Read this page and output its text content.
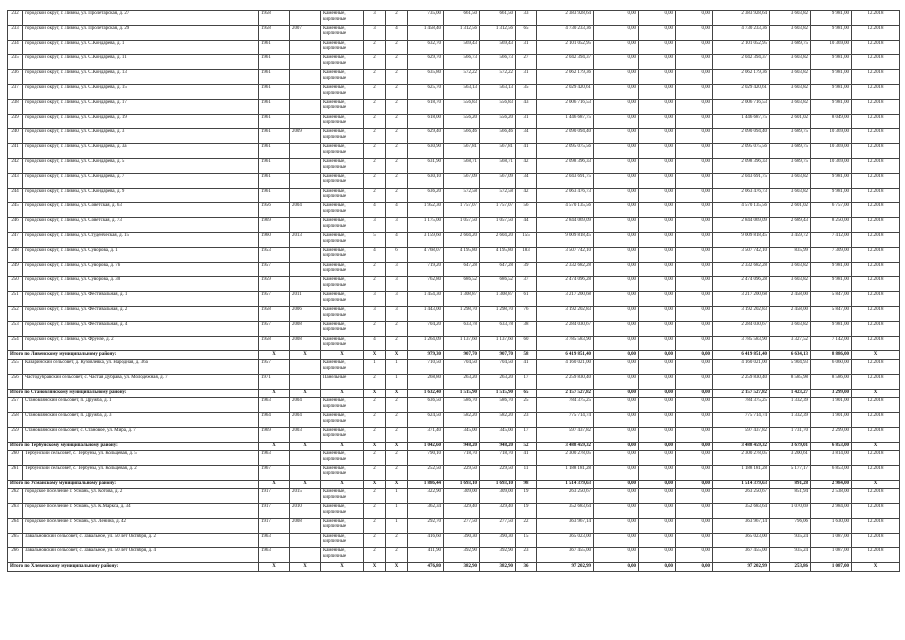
232	городской округ, г. Ливны, ул. Пролетарская, д. 27	1958		Каменные, кирпичные	3	2	735,00	661,50	661,50	33	2 383 928,64	0,00	0,00	0,00	2 383 928,64	3 603,82	9 981,00	12.2018
233	городской округ, г. Ливны, ул. Пролетарская, д. 29	1958	2007	Каменные, кирпичные	3	4	1 458,40	1 312,56	1 312,56	65	4 730 233,36	0,00	0,00	0,00	4 730 233,36	3 603,82	9 981,00	12.2018
234	городской округ, г. Ливны, ул. С.Кондарева, д. 1	1961		Каменные, кирпичные	2	2	632,70	569,43	569,43	31	2 101 052,95	0,00	0,00	0,00	2 101 052,95	3 689,75	10 369,00	12.2018
235	городской округ, г. Ливны, ул. С.Кондарева, д. 11	1961		Каменные, кирпичные	2	2	629,70	566,73	566,73	27	2 042 394,37	0,00	0,00	0,00	2 042 394,37	3 603,82	9 981,00	12.2018
236	городской округ, г. Ливны, ул. С.Кондарева, д. 13	1961		Каменные, кирпичные	2	2	635,80	572,22	572,22	31	2 062 179,36	0,00	0,00	0,00	2 062 179,36	3 603,82	9 981,00	12.2018
237	городской округ, г. Ливны, ул. С.Кондарева, д. 15	1961		Каменные, кирпичные	2	2	625,70	563,13	563,13	35	2 029 420,61	0,00	0,00	0,00	2 029 420,61	3 603,82	9 981,00	12.2018
238	городской округ, г. Ливны, ул. С.Кондарева, д. 17	1961		Каменные, кирпичные	2	2	618,70	556,83	556,83	43	2 006 716,53	0,00	0,00	0,00	2 006 716,53	3 603,82	9 981,00	12.2018
239	городской округ, г. Ливны, ул. С.Кондарева, д. 19	1961		Каменные, кирпичные	2	2	618,00	556,20	556,20	31	1 446 687,75	0,00	0,00	0,00	1 446 687,75	2 601,02	8 049,00	12.2018
240	городской округ, г. Ливны, ул. С.Кондарева, д. 3	1961	2009	Каменные, кирпичные	2	2	629,40	566,46	566,46	34	2 090 094,40	0,00	0,00	0,00	2 090 094,40	3 689,75	10 369,00	12.2018
241	городской округ, г. Ливны, ул. С.Кондарева, д. 3а	1961		Каменные, кирпичные	2	2	630,90	567,81	567,81	41	2 095 075,56	0,00	0,00	0,00	2 095 075,56	3 689,75	10 369,00	12.2018
242	городской округ, г. Ливны, ул. С.Кондарева, д. 5	1961		Каменные, кирпичные	2	2	631,90	568,71	568,71	42	2 098 396,33	0,00	0,00	0,00	2 098 396,33	3 689,75	10 369,00	12.2018
243	городской округ, г. Ливны, ул. С.Кондарева, д. 7	1961		Каменные, кирпичные	2	2	630,10	567,09	567,09	34	2 043 691,75	0,00	0,00	0,00	2 043 691,75	3 603,82	9 981,00	12.2018
244	городской округ, г. Ливны, ул. С.Кондарева, д. 9	1961		Каменные, кирпичные	2	2	636,20	572,58	572,58	42	2 063 476,73	0,00	0,00	0,00	2 063 476,73	3 603,82	9 981,00	12.2018
245	городской округ, г. Ливны, ул. Советская, д. 63	1956	2004	Каменные, кирпичные	4	4	1 952,30	1 757,07	1 757,07	56	4 570 135,56	0,00	0,00	0,00	4 570 135,56	2 601,02	6 757,00	12.2018
246	городской округ, г. Ливны, ул. Советская, д. 73	1969		Каменные, кирпичные	3	3	1 175,00	1 057,50	1 057,50	44	2 844 069,09	0,00	0,00	0,00	2 844 069,09	2 689,43	8 250,00	12.2018
247	городской округ, г. Ливны, ул. Студенческая, д. 15	1960	2013	Каменные, кирпичные	5	4	3 159,60	2 604,20	2 604,20	155	9 009 818,45	0,00	0,00	0,00	9 009 818,45	3 459,72	7 412,00	12.2018
248	городской округ, г. Ливны, ул. Суворова, д. 1	1953		Каменные, кирпичные	4	6	4 768,07	4 195,80	4 195,80	183	3 507 742,10	0,00	0,00	0,00	3 507 742,10	835,99	7 309,00	12.2018
249	городской округ, г. Ливны, ул. Суворова, д. 7б	1957		Каменные, кирпичные	2	3	719,20	647,28	647,28	39	2 332 682,28	0,00	0,00	0,00	2 332 682,28	3 603,82	9 981,00	12.2018
250	городской округ, г. Ливны, ул. Суворова, д. 30	1959		Каменные, кирпичные	2	3	762,80	686,52	686,52	37	2 474 096,28	0,00	0,00	0,00	2 474 096,28	3 603,82	9 981,00	12.2018
251	городской округ, г. Ливны, ул. Фестивальная, д. 1	1957	2011	Каменные, кирпичные	3	3	1 454,30	1 308,87	1 308,87	61	3 217 200,68	0,00	0,00	0,00	3 217 200,68	2 458,00	5 847,00	12.2018
252	городской округ, г. Ливны, ул. Фестивальная, д. 2	1958	2006	Каменные, кирпичные	3	3	1 443,00	1 298,70	1 298,70	76	3 192 202,83	0,00	0,00	0,00	3 192 202,83	2 458,00	5 847,00	12.2018
253	городской округ, г. Ливны, ул. Фестивальная, д. 4	1957	2008	Каменные, кирпичные	2	2	704,20	633,78	633,78	38	2 284 030,67	0,00	0,00	0,00	2 284 030,67	3 603,82	9 981,00	12.2018
254	городской округ, г. Ливны, ул. Фрунзе, д. 2	1958	2008	Каменные, кирпичные	4	2	1 264,09	1 137,60	1 137,60	60	3 785 583,90	0,00	0,00	0,00	3 785 583,90	3 327,52	7 142,00	12.2018
Итого по Ливенскому муниципальному району:		X	X	X	X	X	979,30	907,70	907,70	58	6 419 851,40	0,00	0,00	0,00	6 419 851,40	6 634,13	8 886,00	X
255	Казаринский сельсовет, д. Кузовлевка, ул. Народная, д. 36а	1957		Каменные, кирпичные	1	1	710,50	704,50	704,50	41	4 160 021,00	0,00	0,00	0,00	4 160 021,00	5 904,93	6 060,00	12.2018
256	Частодубравский сельсовет, с. Частая Дубрава, ул. Молодежная, д. 7	1971		Панельные	2	1	268,80	263,20	263,20	17	2 259 830,40	0,00	0,00	0,00	2 259 830,40	8 585,98	8 586,00	12.2018
Итого по Становлянскому муниципальному району:		X	X	X	X	X	1 632,40	1 515,90	1 515,90	65	2 157 527,82	0,00	0,00	0,00	2 157 527,82	1 423,27	3 299,00	X
257	Становлянский сельсовет, п. Дружба, д. 1	1963	2004	Каменные, кирпичные	2	2	636,50	586,70	586,70	25	784 375,25	0,00	0,00	0,00	784 375,25	1 332,39	1 901,00	12.2018
258	Становлянский сельсовет, п. Дружба, д. 3	1964	2004	Каменные, кирпичные	2	2	624,50	582,20	582,20	23	775 714,74	0,00	0,00	0,00	775 714,74	1 332,39	1 901,00	12.2018
259	Становлянский сельсовет, с. Становое, ул. Мира, д. 7	1969	2003	Каменные, кирпичные	2	2	371,40	345,00	345,00	17	597 437,82	0,00	0,00	0,00	597 437,82	1 731,70	2 299,00	12.2018
Итого по Тербунскому муниципальному району:		X	X	X	X	X	1 042,60	948,20	948,20	52	3 488 459,32	0,00	0,00	0,00	3 488 459,32	3 679,01	6 853,00	X
260	Тербунский сельсовет, с. Тербуны, ул. Кольцевая, д. 5	1963		Каменные, кирпичные	2	2	790,10	718,70	718,70	41	2 300 278,05	0,00	0,00	0,00	2 300 278,05	3 200,61	3 814,00	12.2018
261	Тербунский сельсовет, с. Тербуны, ул. Кольцевая, д. 2	1967		Каменные, кирпичные	2	2	252,50	229,50	229,50	11	1 188 181,28	0,00	0,00	0,00	1 188 181,28	5 177,17	6 853,00	12.2018
Итого по Усманскому муниципальному району:		X	X	X	X	X	1 886,44	1 693,10	1 693,10	98	1 514 379,63	0,00	0,00	0,00	1 514 379,63	891,28	2 984,00	X
262	городское поселение г. Усмань, ул. Котова, д. 2	1917	2015	Каменные, кирпичные	2	1	322,90	309,00	309,00	19	263 250,67	0,00	0,00	0,00	263 250,67	851,94	2 538,00	12.2018
263	городское поселение г. Усмань, ул. К.Маркса, д. 34	1917	2010	Каменные, кирпичные	2	1	362,34	329,40	329,40	19	352 683,64	0,00	0,00	0,00	352 683,64	1 070,69	2 984,00	12.2018
264	городское поселение г. Усмань, ул. Ленина, д. 42	1917	2008	Каменные, кирпичные	2	1	292,70	277,50	277,50	22	363 967,14	0,00	0,00	0,00	363 967,14	796,06	1 630,00	12.2018
265	Завальновский сельсовет, с. Завальное, ул. 50 лет Октября, д. 2	1963		Каменные, кирпичные	2	2	416,60	390,30	390,30	15	365 023,00	0,00	0,00	0,00	365 023,00	935,24	1 087,00	12.2018
266	Завальновский сельсовет, с. Завальное, ул. 50 лет Октября, д. 4	1963		Каменные, кирпичные	2	2	411,90	392,90	392,90	23	367 455,00	0,00	0,00	0,00	367 455,00	935,24	1 087,00	12.2018
Итого по Хлевенскому муниципальному району:		X	X	X	X	X	476,80	382,90	382,90	36	97 202,99	0,00	0,00	0,00	97 202,99	253,86	1 087,00	X
